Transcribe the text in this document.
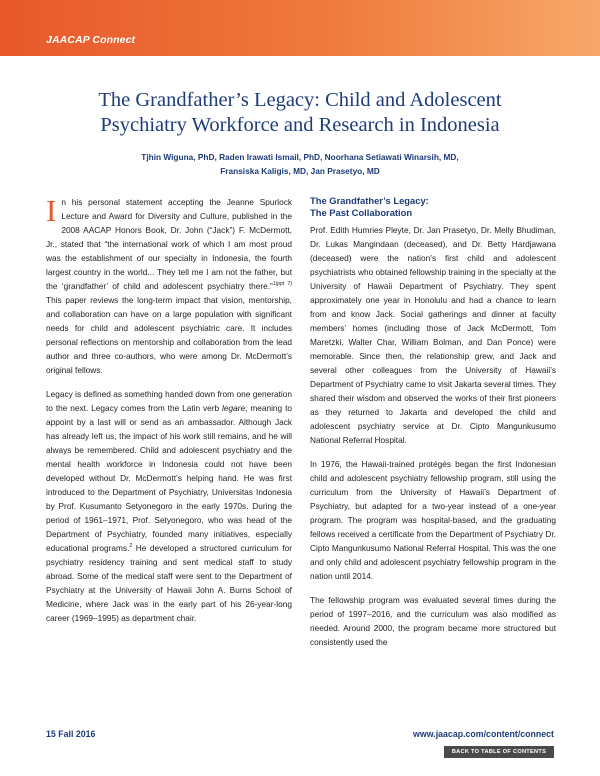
JAACAP Connect
The Grandfather’s Legacy: Child and Adolescent
Psychiatry Workforce and Research in Indonesia
Tjhin Wiguna, PhD, Raden Irawati Ismail, PhD, Noorhana Setiawati Winarsih, MD,
Fransiska Kaligis, MD, Jan Prasetyo, MD

In his personal statement accepting the Jeanne Spurlock Lecture and Award for Diversity and Culture, published in the 2008 AACAP Honors Book, Dr. John (“Jack”) F. McDermott, Jr., stated that “the international work of which I am most proud was the establishment of our specialty in Indonesia, the fourth largest country in the world... They tell me I am not the father, but the ‘grandfather’ of child and adolescent psychiatry there.”$^{1(ppt 7)}$ This paper reviews the long-term impact that vision, mentorship, and collaboration can have on a large population with significant needs for child and adolescent psychiatric care. It includes personal reflections on mentorship and collaboration from the lead author and three co-authors, who were among Dr. McDermott’s original fellows.

Legacy is defined as something handed down from one generation to the next. Legacy comes from the Latin verb legare, meaning to appoint by a last will or send as an ambassador. Although Jack has already left us, the impact of his work still remains, and he will always be remembered. Child and adolescent psychiatry and the mental health workforce in Indonesia could not have been developed without Dr. McDermott’s helping hand. He was first introduced to the Department of Psychiatry, Universitas Indonesia by Prof. Kusumanto Setyonegoro in the early 1970s. During the period of 1961–1971, Prof. Setyonegoro, who was head of the Department of Psychiatry, founded many initiatives, especially educational programs.$^2$ He developed a structured curriculum for psychiatry residency training and sent medical staff to study abroad. Some of the medical staff were sent to the Department of Psychiatry at the University of Hawaii John A. Burns School of Medicine, where Jack was in the early part of his 26-year-long career (1969–1995) as department chair.

The Grandfather’s Legacy:
The Past Collaboration

Prof. Edith Humries Pleyte, Dr. Jan Prasetyo, Dr. Melly Bhudiman, Dr. Lukas Mangindaan (deceased), and Dr. Betty Hardjawana (deceased) were the nation’s first child and adolescent psychiatrists who obtained fellowship training in the specialty at the University of Hawaii Department of Psychiatry. They spent approximately one year in Honolulu and had a chance to learn from and know Jack. Social gatherings and dinner at faculty members’ homes (including those of Jack McDermott, Tom Maretzki, Walter Char, William Bolman, and Dan Ponce) were memorable. Since then, the relationship grew, and Jack and several other colleagues from the University of Hawaii’s Department of Psychiatry came to visit Jakarta several times. They shared their wisdom and observed the works of their first pioneers as they returned to Jakarta and developed the child and adolescent psychiatry service at Dr. Cipto Mangunkusumo National Referral Hospital.

In 1976, the Hawaii-trained protégés began the first Indonesian child and adolescent psychiatry fellowship program, still using the curriculum from the University of Hawaii’s Department of Psychiatry, but adapted for a two-year instead of a one-year program. The program was hospital-based, and the graduating fellows received a certificate from the Department of Psychiatry Dr. Cipto Mangunkusumo National Referral Hospital. This was the one and only child and adolescent psychiatry fellowship program in the nation until 2014.

The fellowship program was evaluated several times during the period of 1997–2016, and the curriculum was also modified as needed. Around 2000, the program became more structured but consistently used the

15 Fall 2016	www.jaacap.com/content/connect
BACK TO TABLE OF CONTENTS
